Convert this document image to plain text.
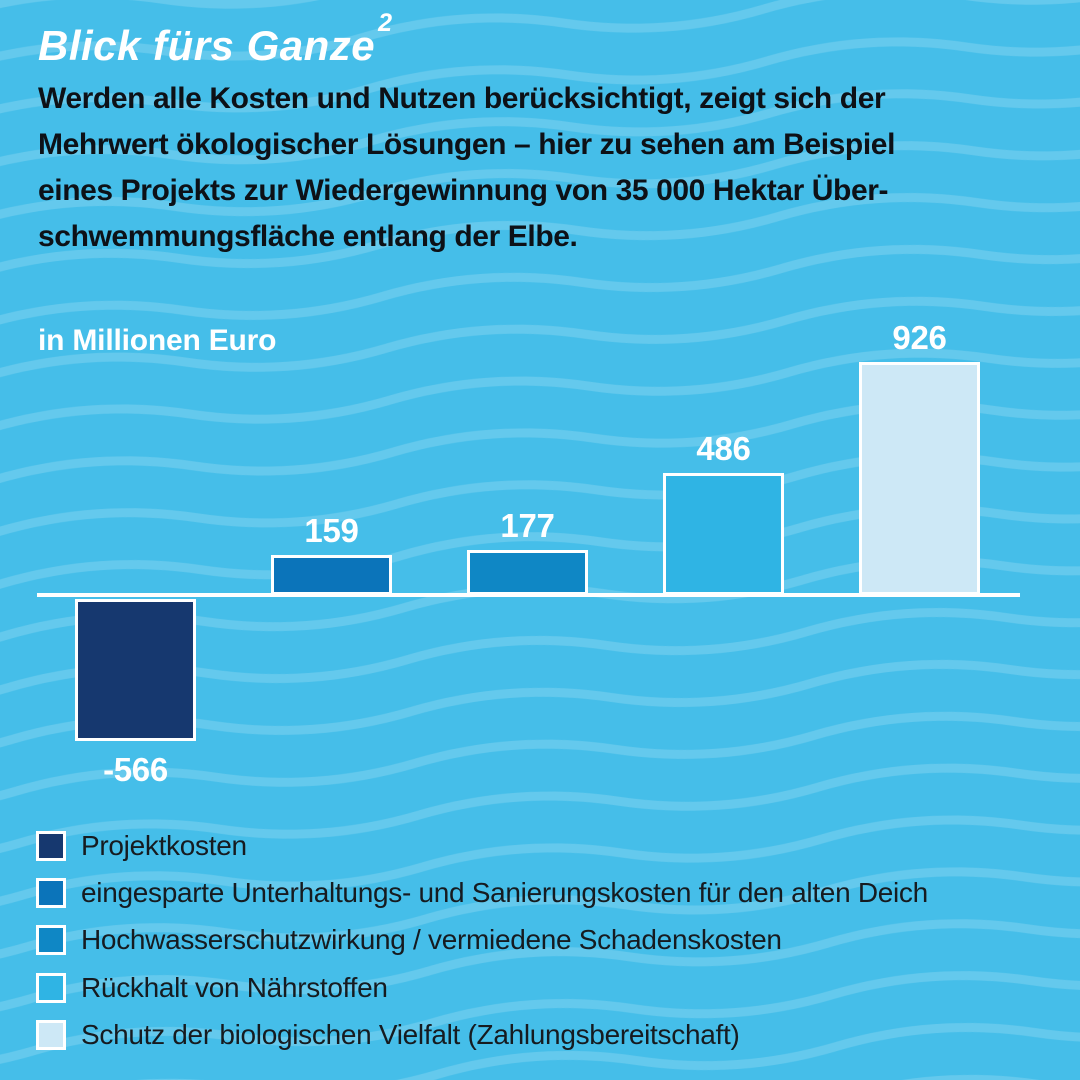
Blick fürs Ganze $^2$
Werden alle Kosten und Nutzen berücksichtigt, zeigt sich der
Mehrwert ökologischer Lösungen – hier zu sehen am Beispiel
eines Projekts zur Wiedergewinnung von 35 000 Hektar Über-
schwemmungsfläche entlang der Elbe.
in Millionen Euro
-566
159	177
486
926
Projektkosten
eingesparte Unterhaltungs- und Sanierungskosten für den alten Deich
Hochwasserschutzwirkung / vermiedene Schadenskosten
Rückhalt von Nährstoffen
Schutz der biologischen Vielfalt (Zahlungsbereitschaft)
